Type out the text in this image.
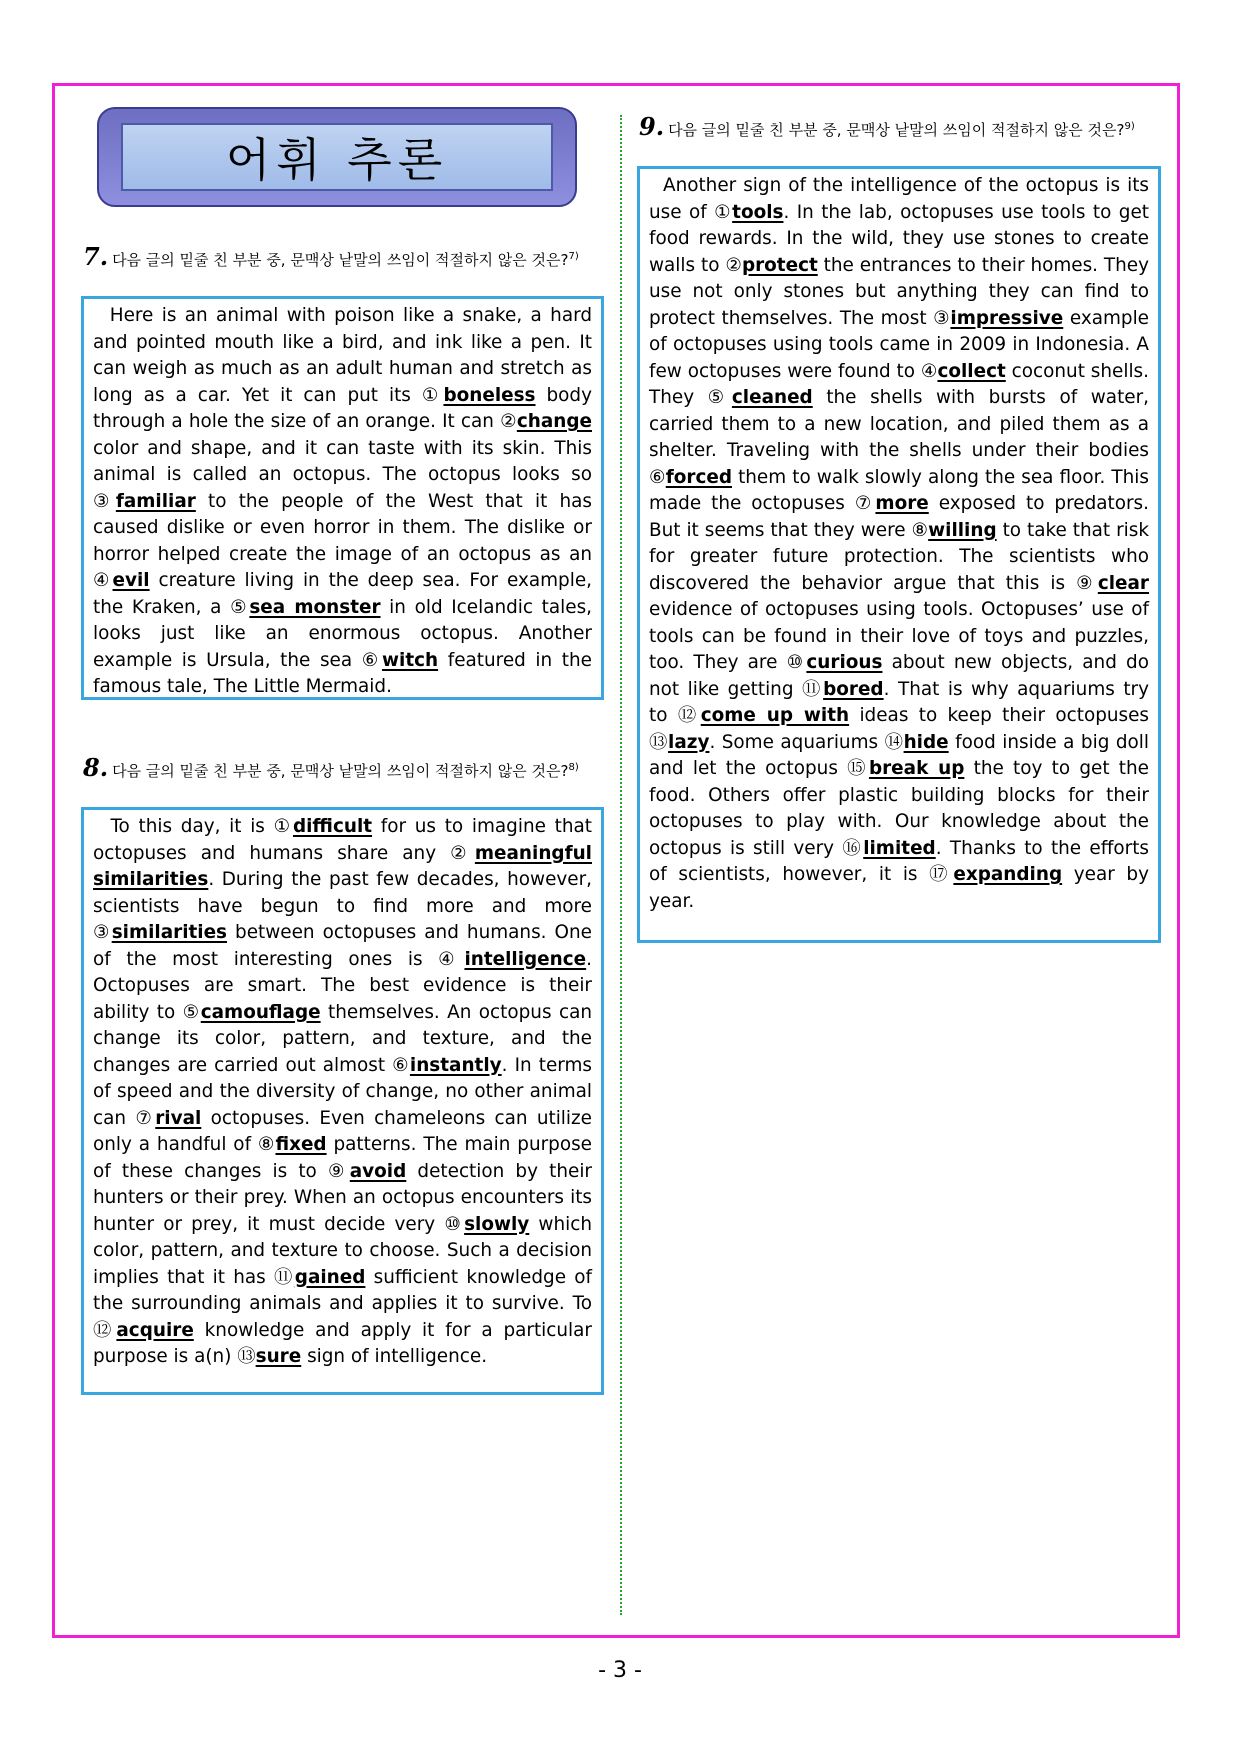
어휘 추론
7. 다음 글의 밑줄 친 부분 중, 문맥상 낱말의 쓰임이 적절하지 않은 것은?$^{7)}$
Here is an animal with poison like a snake, a hard and pointed mouth like a bird, and ink like a pen. It can weigh as much as an adult human and stretch as long as a car. Yet it can put its ①boneless body through a hole the size of an orange. It can ②change color and shape, and it can taste with its skin. This animal is called an octopus. The octopus looks so ③familiar to the people of the West that it has caused dislike or even horror in them. The dislike or horror helped create the image of an octopus as an ④evil creature living in the deep sea. For example, the Kraken, a ⑤sea monster in old Icelandic tales, looks just like an enormous octopus. Another example is Ursula, the sea ⑥witch featured in the famous tale, The Little Mermaid.
8. 다음 글의 밑줄 친 부분 중, 문맥상 낱말의 쓰임이 적절하지 않은 것은?$^{8)}$
To this day, it is ①difficult for us to imagine that octopuses and humans share any ②meaningful similarities. During the past few decades, however, scientists have begun to find more and more ③similarities between octopuses and humans. One of the most interesting ones is ④intelligence. Octopuses are smart. The best evidence is their ability to ⑤camouflage themselves. An octopus can change its color, pattern, and texture, and the changes are carried out almost ⑥instantly. In terms of speed and the diversity of change, no other animal can ⑦rival octopuses. Even chameleons can utilize only a handful of ⑧fixed patterns. The main purpose of these changes is to ⑨avoid detection by their hunters or their prey. When an octopus encounters its hunter or prey, it must decide very ⑩slowly which color, pattern, and texture to choose. Such a decision implies that it has ⑪gained sufficient knowledge of the surrounding animals and applies it to survive. To ⑫acquire knowledge and apply it for a particular purpose is a(n) ⑬sure sign of intelligence.
9. 다음 글의 밑줄 친 부분 중, 문맥상 낱말의 쓰임이 적절하지 않은 것은?$^{9)}$
Another sign of the intelligence of the octopus is its use of ①tools. In the lab, octopuses use tools to get food rewards. In the wild, they use stones to create walls to ②protect the entrances to their homes. They use not only stones but anything they can find to protect themselves. The most ③impressive example of octopuses using tools came in 2009 in Indonesia. A few octopuses were found to ④collect coconut shells. They ⑤cleaned the shells with bursts of water, carried them to a new location, and piled them as a shelter. Traveling with the shells under their bodies ⑥forced them to walk slowly along the sea floor. This made the octopuses ⑦more exposed to predators. But it seems that they were ⑧willing to take that risk for greater future protection. The scientists who discovered the behavior argue that this is ⑨clear evidence of octopuses using tools. Octopuses’ use of tools can be found in their love of toys and puzzles, too. They are ⑩curious about new objects, and do not like getting ⑪bored. That is why aquariums try to ⑫come up with ideas to keep their octopuses ⑬lazy. Some aquariums ⑭hide food inside a big doll and let the octopus ⑮break up the toy to get the food. Others offer plastic building blocks for their octopuses to play with. Our knowledge about the octopus is still very ⑯limited. Thanks to the efforts of scientists, however, it is ⑰expanding year by year.
- 3 -
